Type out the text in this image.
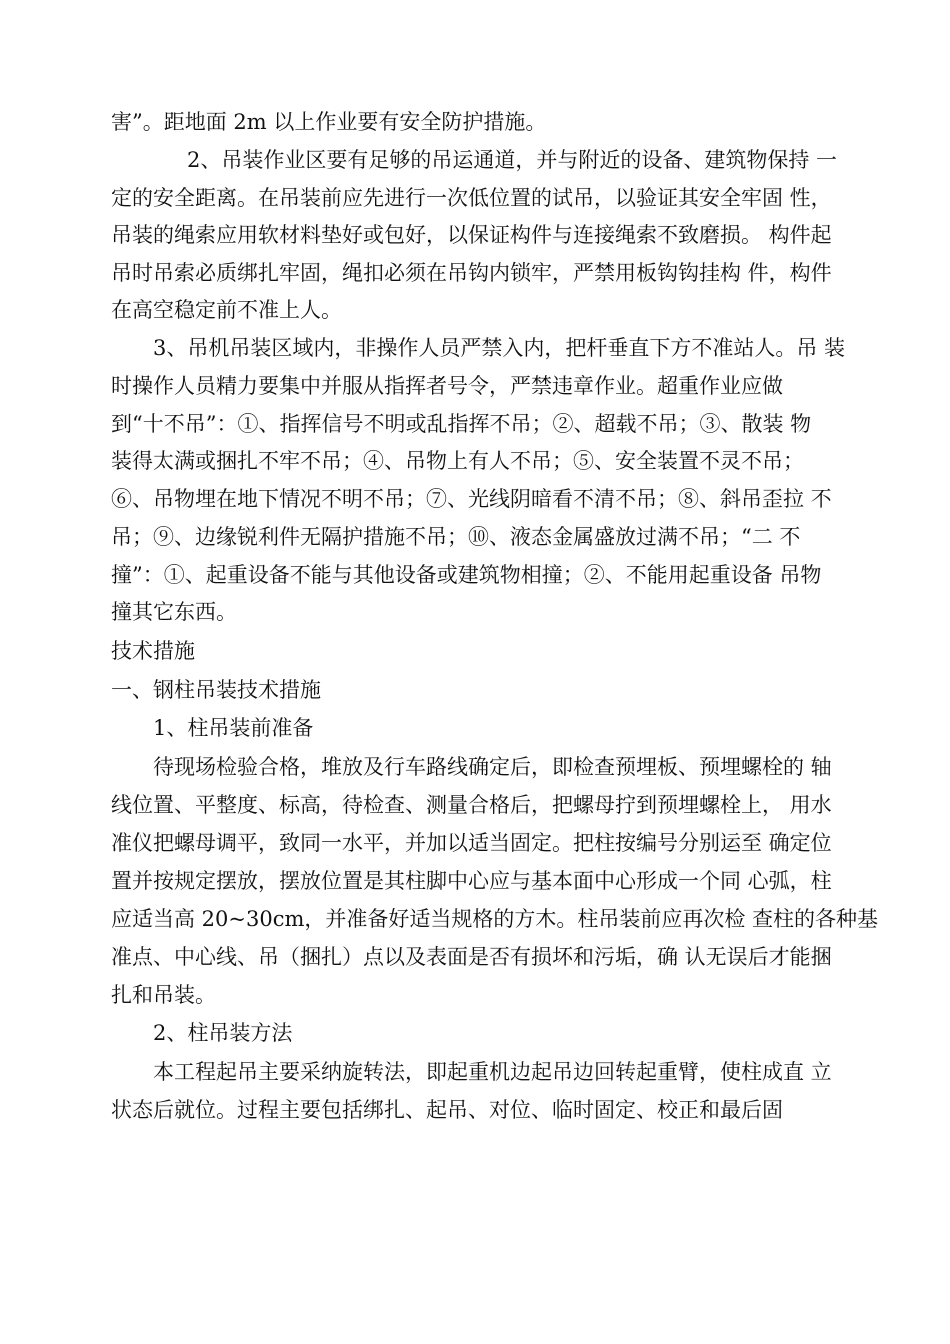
害”。距地面 2m 以上作业要有安全防护措施。
2、吊装作业区要有足够的吊运通道，并与附近的设备、建筑物保持 一
定的安全距离。在吊装前应先进行一次低位置的试吊，以验证其安全牢固 性，
吊装的绳索应用软材料垫好或包好，以保证构件与连接绳索不致磨损。 构件起
吊时吊索必质绑扎牢固，绳扣必须在吊钩内锁牢，严禁用板钩钩挂构 件，构件
在高空稳定前不准上人。
3、吊机吊装区域内，非操作人员严禁入内，把杆垂直下方不准站人。吊 装
时操作人员精力要集中并服从指挥者号令，严禁违章作业。超重作业应做
到“十不吊”：①、指挥信号不明或乱指挥不吊；②、超载不吊；③、散装 物
装得太满或捆扎不牢不吊；④、吊物上有人不吊；⑤、安全装置不灵不吊；
⑥、吊物埋在地下情况不明不吊；⑦、光线阴暗看不清不吊；⑧、斜吊歪拉 不
吊；⑨、边缘锐利件无隔护措施不吊；⑩、液态金属盛放过满不吊；“二 不
撞”：①、起重设备不能与其他设备或建筑物相撞；②、不能用起重设备 吊物
撞其它东西。
技术措施
一、钢柱吊装技术措施
1、柱吊装前准备
待现场检验合格，堆放及行车路线确定后，即检查预埋板、预埋螺栓的 轴
线位置、平整度、标高，待检查、测量合格后，把螺母拧到预埋螺栓上， 用水
准仪把螺母调平，致同一水平，并加以适当固定。把柱按编号分别运至 确定位
置并按规定摆放，摆放位置是其柱脚中心应与基本面中心形成一个同 心弧，柱
应适当高 20~30cm，并准备好适当规格的方木。柱吊装前应再次检 查柱的各种基
准点、中心线、吊（捆扎）点以及表面是否有损坏和污垢，确 认无误后才能捆
扎和吊装。
2、柱吊装方法
本工程起吊主要采纳旋转法，即起重机边起吊边回转起重臂，使柱成直 立
状态后就位。过程主要包括绑扎、起吊、对位、临时固定、校正和最后固
